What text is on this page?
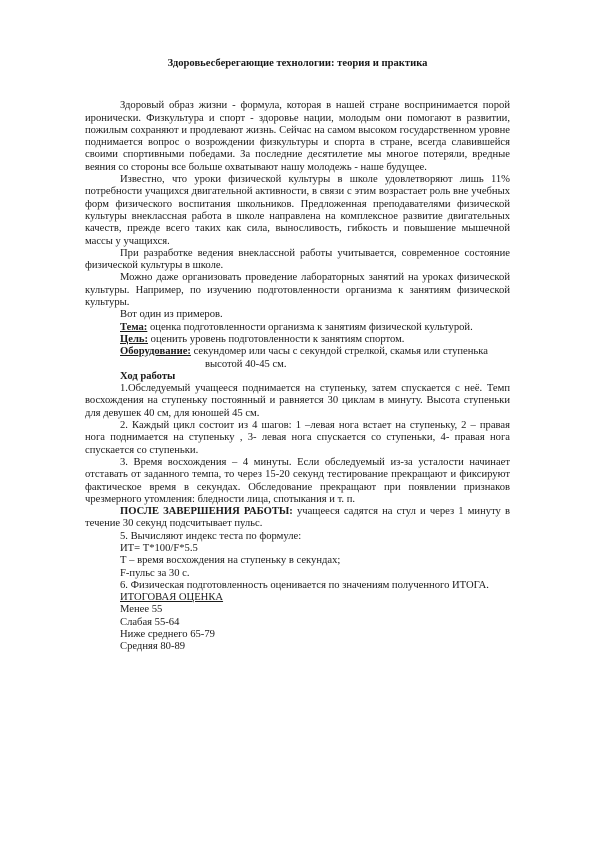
Здоровьесберегающие технологии: теория и практика

Здоровый образ жизни - формула, которая в нашей стране воспринимается порой иронически. Физкультура и спорт - здоровье нации, молодым они помогают в развитии, пожилым сохраняют и продлевают жизнь. Сейчас на самом высоком государственном уровне поднимается вопрос о возрождении физкультуры и спорта в стране, всегда славившейся своими спортивными победами. За последние десятилетие мы многое потеряли, вредные веяния со стороны все больше охватывают нашу молодежь - наше будущее.

Известно, что уроки физической культуры в школе удовлетворяют лишь 11% потребности учащихся двигательной активности, в связи с этим возрастает роль вне учебных форм физического воспитания школьников. Предложенная преподавателями физической культуры внеклассная работа в школе направлена на комплексное развитие двигательных качеств, прежде всего таких как сила, выносливость, гибкость и повышение мышечной массы у учащихся.

При разработке ведения внеклассной работы учитывается, современное состояние физической культуры в школе.

Можно даже организовать проведение лабораторных занятий на уроках физической культуры. Например, по изучению подготовленности организма к занятиям физической культуры.

Вот один из примеров.

Тема: оценка подготовленности организма к занятиям физической культурой.

Цель: оценить уровень подготовленности к занятиям спортом.

Оборудование: секундомер или часы с секундой стрелкой, скамья или ступенька

высотой 40-45 см.

Ход работы

1.Обследуемый учащееся поднимается на ступеньку, затем спускается с неё. Темп восхождения на ступеньку постоянный и равняется 30 циклам в минуту. Высота ступеньки для девушек 40 см, для юношей 45 см.

2. Каждый цикл состоит из 4 шагов: 1 –левая нога встает на ступеньку, 2 – правая нога поднимается на ступеньку , 3- левая нога спускается со ступеньки, 4- правая нога спускается со ступеньки.

3. Время восхождения – 4 минуты. Если обследуемый из-за усталости начинает отставать от заданного темпа, то через 15-20 секунд тестирование прекращают и фиксируют фактическое время в секундах. Обследование прекращают при появлении признаков чрезмерного утомления: бледности лица, спотыкания и т. п.

ПОСЛЕ ЗАВЕРШЕНИЯ РАБОТЫ: учащееся садятся на стул и через 1 минуту в течение 30 секунд подсчитывает пульс.

5. Вычисляют индекс теста по формуле:

ИТ= Т*100/F*5.5

Т – время восхождения на ступеньку в секундах;

F-пульс за 30 с.

6. Физическая подготовленность оценивается по значениям полученного ИТОГА.

ИТОГОВАЯ ОЦЕНКА

Менее 55

Слабая 55-64

Ниже среднего 65-79

Средняя 80-89
